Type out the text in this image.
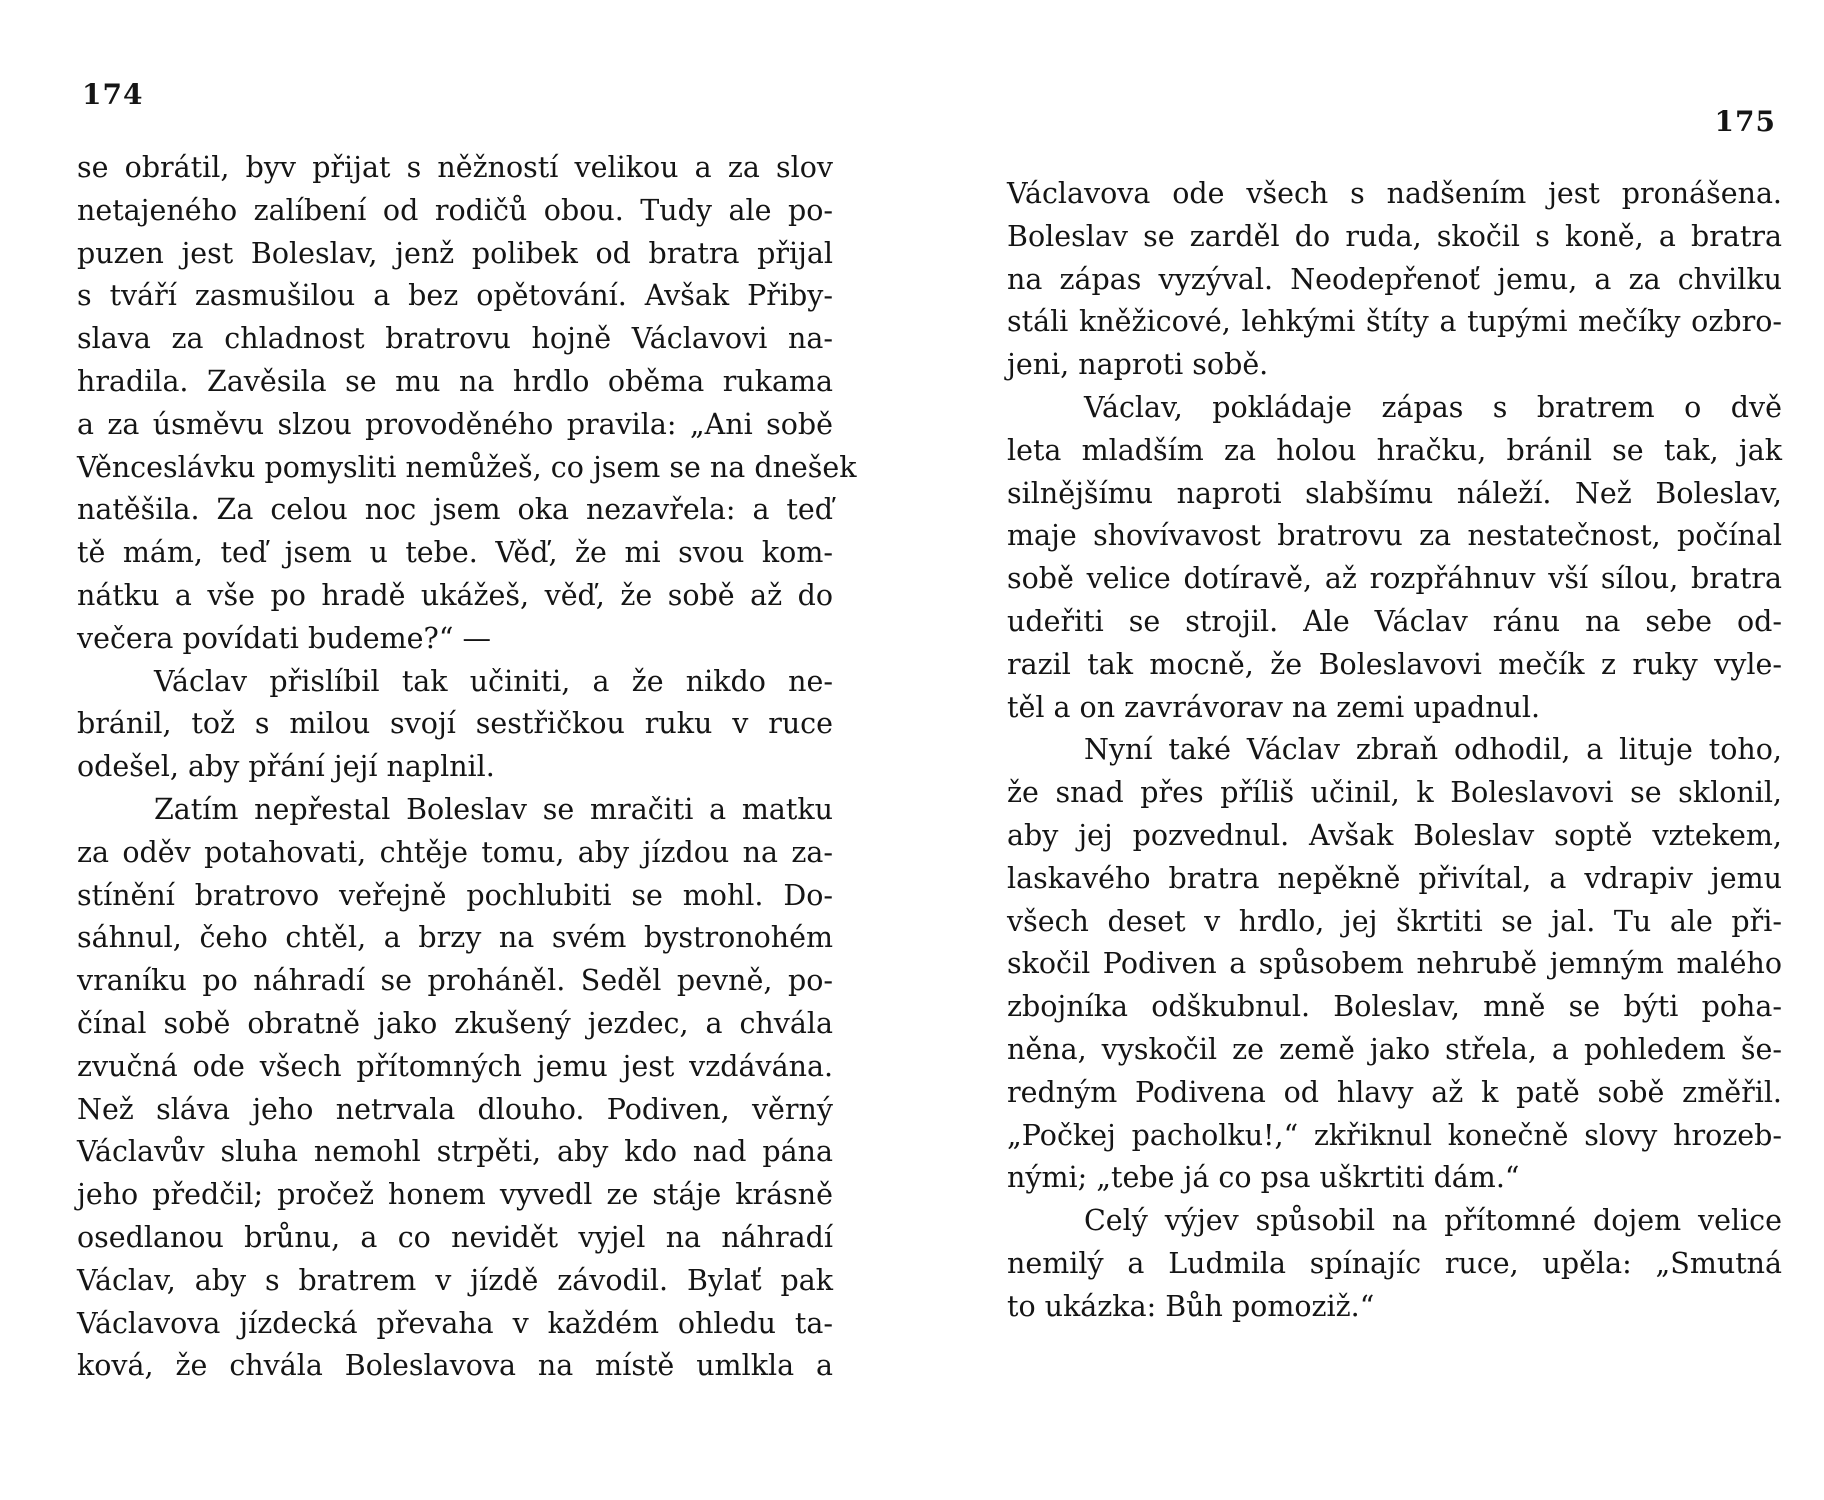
174

se obrátil, byv přijat s něžností velikou a za slov
netajeného zalíbení od rodičů obou. Tudy ale po-
puzen jest Boleslav, jenž polibek od bratra přijal
s tváří zasmušilou a bez opětování. Avšak Přiby-
slava za chladnost bratrovu hojně Václavovi na-
hradila. Zavěsila se mu na hrdlo oběma rukama
a za úsměvu slzou provoděného pravila: „Ani sobě
Věnceslávku pomysliti nemůžeš, co jsem se na dnešek
natěšila. Za celou noc jsem oka nezavřela: a teď
tě mám, teď jsem u tebe. Věď, že mi svou kom-
nátku a vše po hradě ukážeš, věď, že sobě až do
večera povídati budeme?“ —
Václav přislíbil tak učiniti, a že nikdo ne-
bránil, tož s milou svojí sestřičkou ruku v ruce
odešel, aby přání její naplnil.
Zatím nepřestal Boleslav se mračiti a matku
za oděv potahovati, chtěje tomu, aby jízdou na za-
stínění bratrovo veřejně pochlubiti se mohl. Do-
sáhnul, čeho chtěl, a brzy na svém bystronohém
vraníku po náhradí se proháněl. Seděl pevně, po-
čínal sobě obratně jako zkušený jezdec, a chvála
zvučná ode všech přítomných jemu jest vzdávána.
Než sláva jeho netrvala dlouho. Podiven, věrný
Václavův sluha nemohl strpěti, aby kdo nad pána
jeho předčil; pročež honem vyvedl ze stáje krásně
osedlanou brůnu, a co nevidět vyjel na náhradí
Václav, aby s bratrem v jízdě závodil. Bylať pak
Václavova jízdecká převaha v každém ohledu ta-
ková, že chvála Boleslavova na místě umlkla a

175

Václavova ode všech s nadšením jest pronášena.
Boleslav se zarděl do ruda, skočil s koně, a bratra
na zápas vyzýval. Neodepřenoť jemu, a za chvilku
stáli kněžicové, lehkými štíty a tupými mečíky ozbro-
jeni, naproti sobě.
Václav, pokládaje zápas s bratrem o dvě
leta mladším za holou hračku, bránil se tak, jak
silnějšímu naproti slabšímu náleží. Než Boleslav,
maje shovívavost bratrovu za nestatečnost, počínal
sobě velice dotíravě, až rozpřáhnuv vší sílou, bratra
udeřiti se strojil. Ale Václav ránu na sebe od-
razil tak mocně, že Boleslavovi mečík z ruky vyle-
těl a on zavrávorav na zemi upadnul.
Nyní také Václav zbraň odhodil, a lituje toho,
že snad přes příliš učinil, k Boleslavovi se sklonil,
aby jej pozvednul. Avšak Boleslav soptě vztekem,
laskavého bratra nepěkně přivítal, a vdrapiv jemu
všech deset v hrdlo, jej škrtiti se jal. Tu ale při-
skočil Podiven a spůsobem nehrubě jemným malého
zbojníka odškubnul. Boleslav, mně se býti poha-
něna, vyskočil ze země jako střela, a pohledem še-
redným Podivena od hlavy až k patě sobě změřil.
„Počkej pacholku!,“ zkřiknul konečně slovy hrozeb-
nými; „tebe já co psa uškrtiti dám.“
Celý výjev spůsobil na přítomné dojem velice
nemilý a Ludmila spínajíc ruce, upěla: „Smutná
to ukázka: Bůh pomoziž.“
